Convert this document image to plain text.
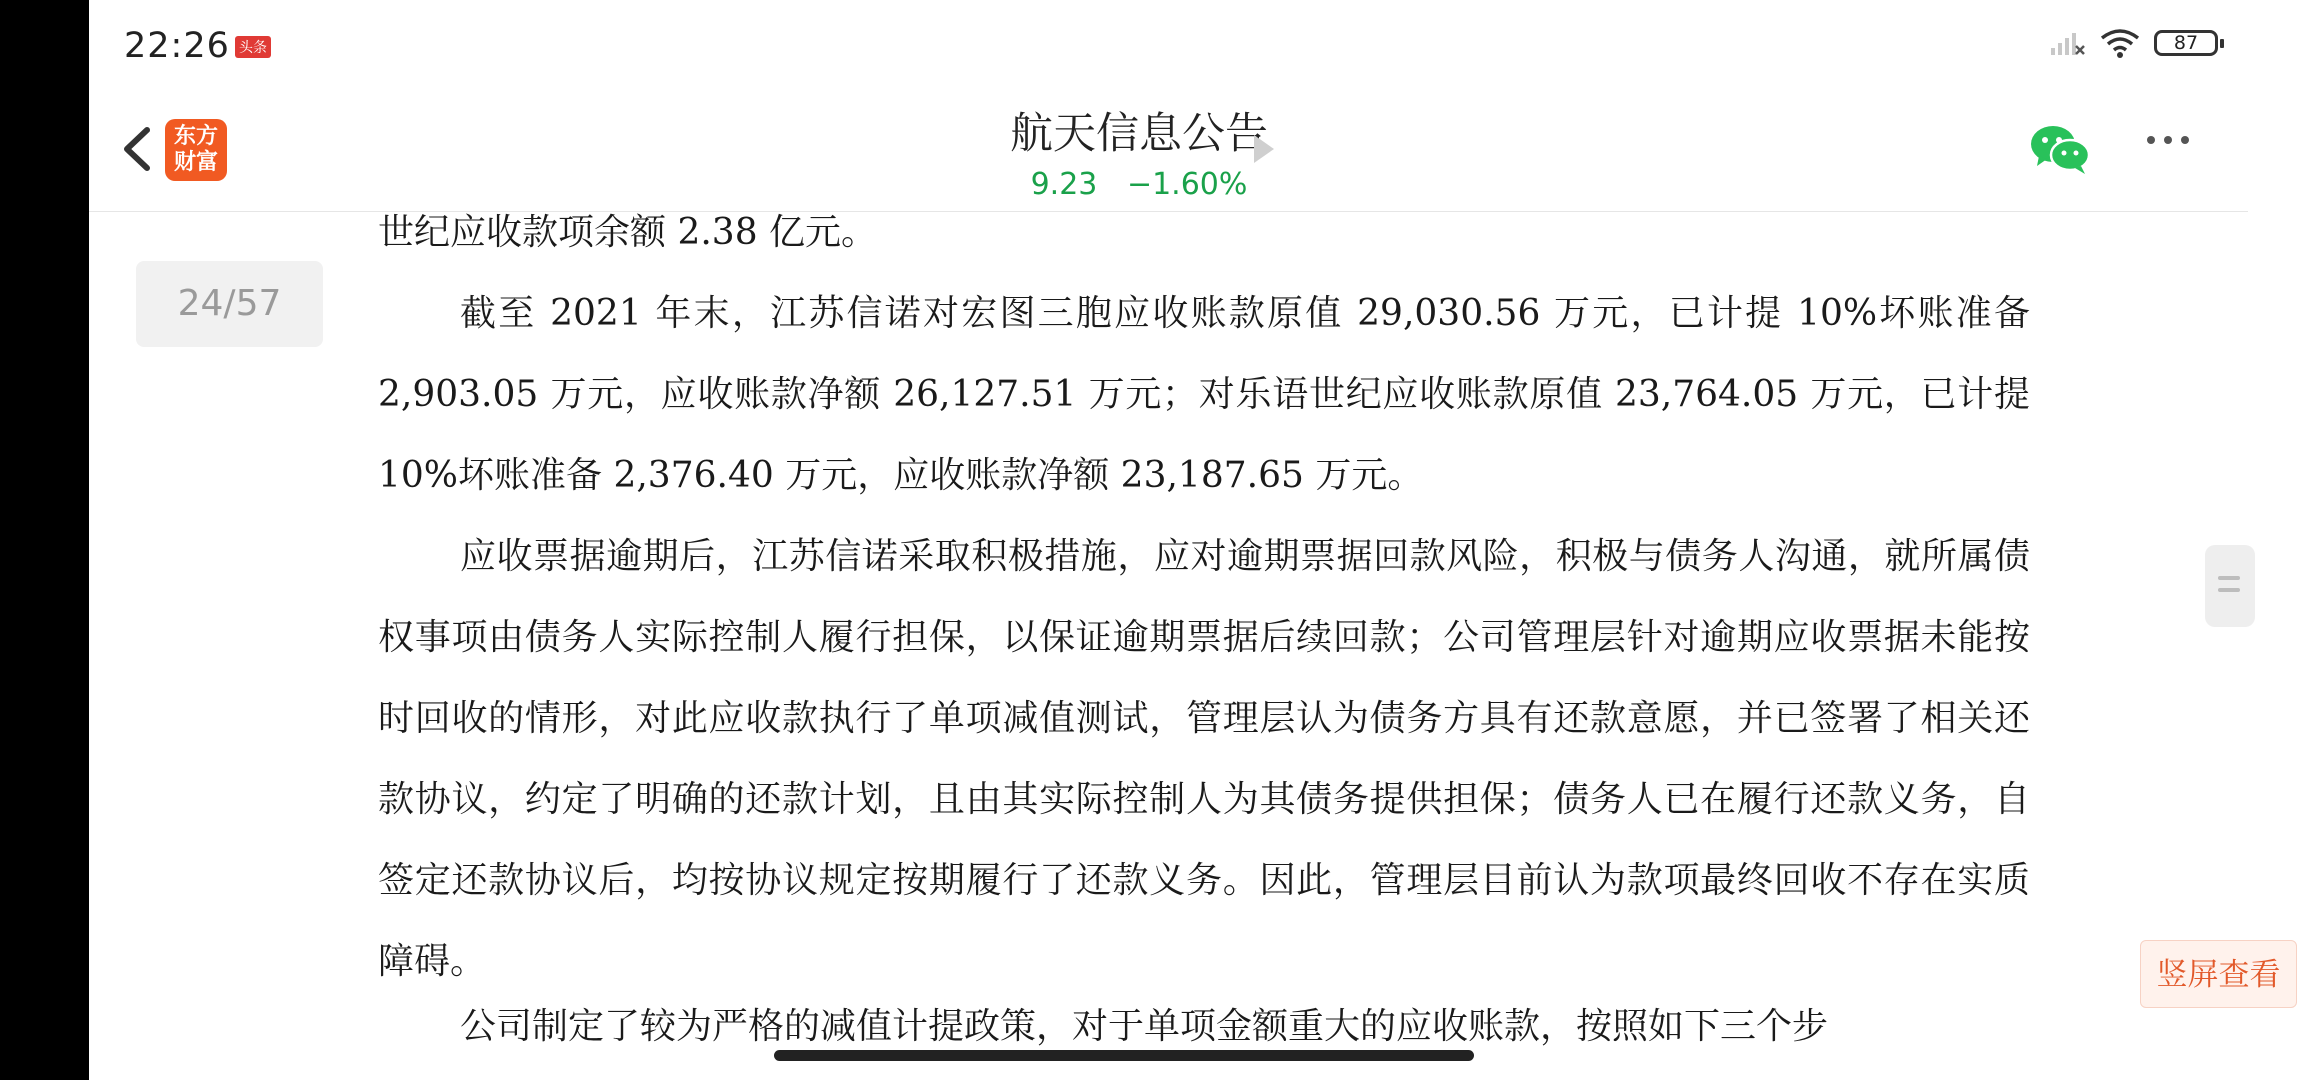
22:26 头条	87
东方
财富
航天信息公告
9.23 −1.60%
24/57

世纪应收款项余额 2.38 亿元。

截至 2021 年末，江苏信诺对宏图三胞应收账款原值 29,030.56 万元，已计提 10%坏账准备 2,903.05 万元，应收账款净额 26,127.51 万元；对乐语世纪应收账款原值 23,764.05 万元，已计提 10%坏账准备 2,376.40 万元，应收账款净额 23,187.65 万元。

应收票据逾期后，江苏信诺采取积极措施，应对逾期票据回款风险，积极与债务人沟通，就所属债权事项由债务人实际控制人履行担保，以保证逾期票据后续回款；公司管理层针对逾期应收票据未能按时回收的情形，对此应收款执行了单项减值测试，管理层认为债务方具有还款意愿，并已签署了相关还款协议，约定了明确的还款计划，且由其实际控制人为其债务提供担保；债务人已在履行还款义务，自签定还款协议后，均按协议规定按期履行了还款义务。因此，管理层目前认为款项最终回收不存在实质障碍。

公司制定了较为严格的减值计提政策，对于单项金额重大的应收账款，按照如下三个步

竖屏查看
